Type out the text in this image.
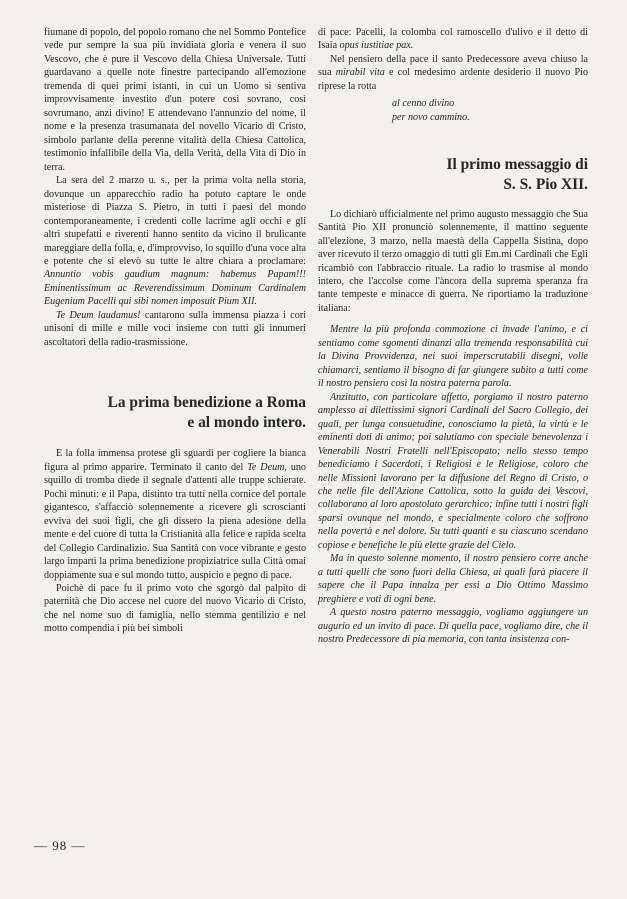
fiumane di popolo, del popolo romano che nel Sommo Pontefice vede pur sempre la sua più invidiata gloria e venera il suo Vescovo, che è pure il Vescovo della Chiesa Universale. Tutti guardavano a quelle note finestre partecipando all'emozione tremenda di quei primi istanti, in cui un Uomo si sentiva improvvisamente investito d'un potere così sovrano, così sovrumano, anzi divino! E attendevano l'annunzio del nome, il nome e la presenza trasumanata del novello Vicario di Cristo, simbolo parlante della perenne vitalità della Chiesa Cattolica, testimonio infallibile della Via, della Verità, della Vita di Dio in terra.

La sera del 2 marzo u. s., per la prima volta nella storia, dovunque un apparecchio radio ha potuto captare le onde misteriose di Piazza S. Pietro, in tutti i paesi del mondo contemporaneamente, i credenti colle lacrime agli occhi e gli altri stupefatti e riverenti hanno sentito da vicino il brulicante mareggiare della folla, e, d'improvviso, lo squillo d'una voce alta e potente che si elevò su tutte le altre chiara a proclamare: Annuntio vobis gaudium magnum: habemus Papam!!! Eminentissimum ac Reverendissimum Dominum Cardinalem Eugenium Pacelli qui sibi nomen imposuit Pium XII.

Te Deum laudamus! cantarono sulla immensa piazza i cori unisoni di mille e mille voci insieme con tutti gli innumeri ascoltatori della radio-trasmissione.

La prima benedizione a Roma
e al mondo intero.

E la folla immensa protese gli sguardi per cogliere la bianca figura al primo apparire. Terminato il canto del Te Deum, uno squillo di tromba diede il segnale d'attenti alle truppe schierate. Pochi minuti: e il Papa, distinto tra tutti nella cornice del portale gigantesco, s'affacciò solennemente a ricevere gli scroscianti evviva dei suoi figli, che gli dissero la piena adesione della mente e del cuore di tutta la Cristianità alla felice e rapida scelta del Collegio Cardinalizio. Sua Santità con voce vibrante e gesto largo impartì la prima benedizione propiziatrice sulla Città omai doppiamente sua e sul mondo tutto, auspicio e pegno di pace.

Poichè di pace fu il primo voto che sgorgò dal palpito di paternità che Dio accese nel cuore del nuovo Vicario di Cristo, che nel nome suo di famiglia, nello stemma gentilizio e nel motto compendia i più bei simboli

di pace: Pacelli, la colomba col ramoscello d'ulivo e il detto di Isaia opus iustitiae pax.

Nel pensiero della pace il santo Predecessore aveva chiuso la sua mirabil vita e col medesimo ardente desiderio il nuovo Pio riprese la rotta

al cenno divino
per novo cammino.
Il primo messaggio di
S. S. Pio XII.

Lo dichiarò ufficialmente nel primo augusto messaggio che Sua Santità Pio XII pronunciò solennemente, il mattino seguente all'elezione, 3 marzo, nella maestà della Cappella Sistina, dopo aver ricevuto il terzo omaggio di tutti gli Em.mi Cardinali che Egli ricambiò con l'abbraccio rituale. La radio lo trasmise al mondo intero, che l'accolse come l'àncora della suprema speranza fra tante tempeste e minacce di guerra. Ne riportiamo la traduzione italiana:

Mentre la più profonda commozione ci invade l'animo, e ci sentiamo come sgomenti dinanzi alla tremenda responsabilità cui la Divina Provvidenza, nei suoi imperscrutabili disegni, volle chiamarci, sentiamo il bisogno di far giungere subito a tutti come il nostro pensiero così la nostra paterna parola.

Anzitutto, con particolare affetto, porgiamo il nostro paterno amplesso ai dilettissimi signori Cardinali del Sacro Collegio, dei quali, per lunga consuetudine, conosciamo la pietà, la virtù e le eminenti doti di animo; poi salutiamo con speciale benevolenza i Venerabili Nostri Fratelli nell'Episcopato; nello stesso tempo benediciamo i Sacerdoti, i Religiosi e le Religiose, coloro che nelle Missioni lavorano per la diffusione del Regno di Cristo, o che nelle file dell'Azione Cattolica, sotto la guida dei Vescovi, collaborano al loro apostolato gerarchico; infine tutti i nostri figli sparsi ovunque nel mondo, e specialmente coloro che soffrono nella povertà e nel dolore. Su tutti quanti e su ciascuno scendano copiose e benefiche le più elette grazie del Cielo.

Ma in questo solenne momento, il nostro pensiero corre anche a tutti quelli che sono fuori della Chiesa, ai quali farà piacere il sapere che il Papa innalza per essi a Dio Ottimo Massimo preghiere e voti di ogni bene.

A questo nostro paterno messaggio, vogliamo aggiungere un augurio ed un invito di pace. Di quella pace, vogliamo dire, che il nostro Predecessore di pia memoria, con tanta insistenza con-

— 98 —
